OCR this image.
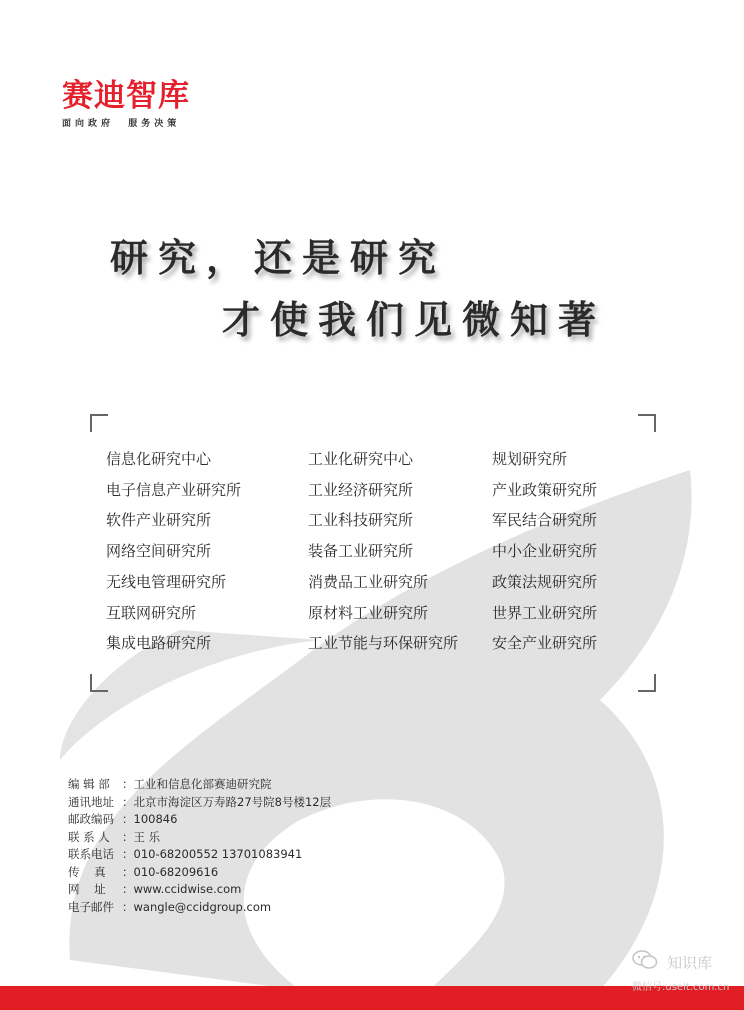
赛迪智库
面向政府  服务决策
研究，还是研究
才使我们见微知著
信息化研究中心
电子信息产业研究所
软件产业研究所
网络空间研究所
无线电管理研究所
互联网研究所
集成电路研究所
工业化研究中心
工业经济研究所
工业科技研究所
装备工业研究所
消费品工业研究所
原材料工业研究所
工业节能与环保研究所
规划研究所
产业政策研究所
军民结合研究所
中小企业研究所
政策法规研究所
世界工业研究所
安全产业研究所
编 辑 部 ：工业和信息化部赛迪研究院
通讯地址 ：北京市海淀区万寿路27号院8号楼12层
邮政编码 ：100846
联 系 人 ：王 乐
联系电话 ：010-68200552 13701083941
传    真 ：010-68209616
网    址 ：www.ccidwise.com
电子邮件 ：wangle@ccidgroup.com
知识库
微信号:useit.com.cn
